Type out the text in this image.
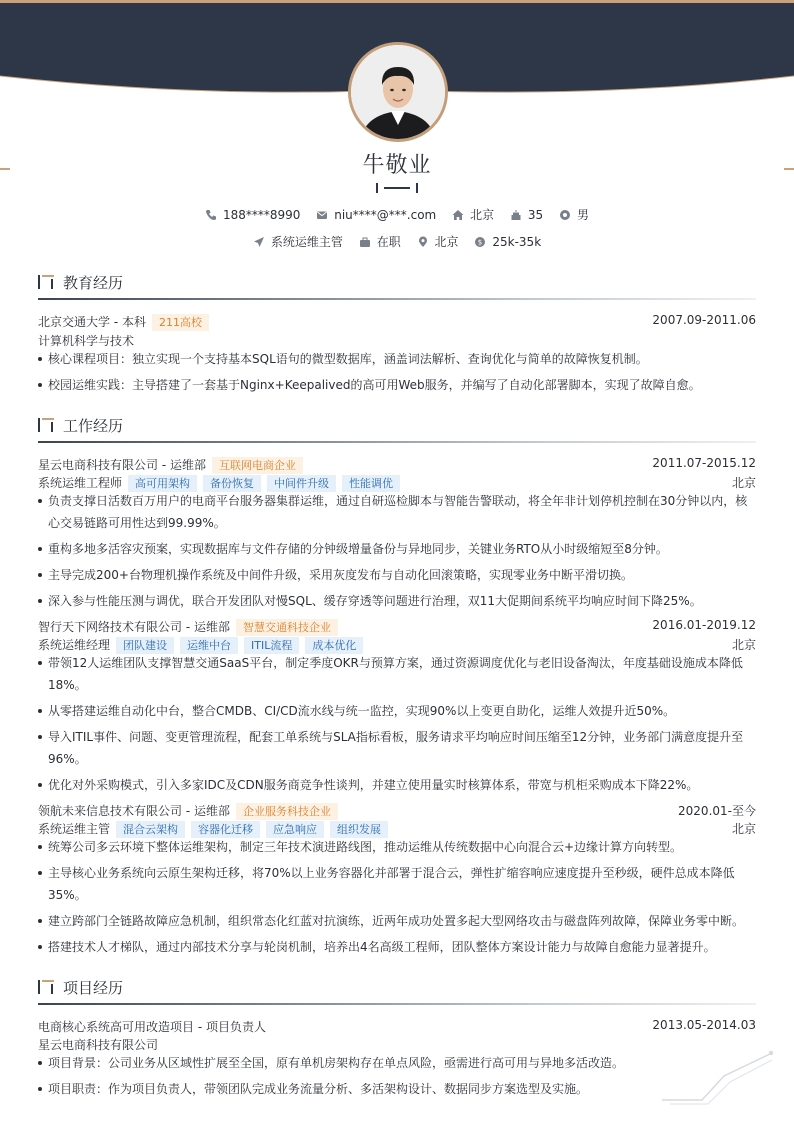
牛敬业
188****8990
	niu****@***.com
	北京
	35
	男
系统运维主管
	在职
	北京
	$ 25k-35k
教育经历
北京交通大学 - 本科 211高校	2007.09-2011.06
计算机科学与技术
核心课程项目：独立实现一个支持基本SQL语句的微型数据库，涵盖词法解析、查询优化与简单的故障恢复机制。
校园运维实践：主导搭建了一套基于Nginx+Keepalived的高可用Web服务，并编写了自动化部署脚本，实现了故障自愈。
工作经历
星云电商科技有限公司 - 运维部 互联网电商企业	2011.07-2015.12
系统运维工程师 高可用架构 备份恢复 中间件升级 性能调优	北京
负责支撑日活数百万用户的电商平台服务器集群运维，通过自研巡检脚本与智能告警联动，将全年非计划停机控制在30分钟以内，核心交易链路可用性达到99.99%。
重构多地多活容灾预案，实现数据库与文件存储的分钟级增量备份与异地同步，关键业务RTO从小时级缩短至8分钟。
主导完成200+台物理机操作系统及中间件升级，采用灰度发布与自动化回滚策略，实现零业务中断平滑切换。
深入参与性能压测与调优，联合开发团队对慢SQL、缓存穿透等问题进行治理，双11大促期间系统平均响应时间下降25%。
智行天下网络技术有限公司 - 运维部 智慧交通科技企业	2016.01-2019.12
系统运维经理 团队建设 运维中台 ITIL流程 成本优化	北京
带领12人运维团队支撑智慧交通SaaS平台，制定季度OKR与预算方案，通过资源调度优化与老旧设备淘汰，年度基础设施成本降低18%。
从零搭建运维自动化中台，整合CMDB、CI/CD流水线与统一监控，实现90%以上变更自助化，运维人效提升近50%。
导入ITIL事件、问题、变更管理流程，配套工单系统与SLA指标看板，服务请求平均响应时间压缩至12分钟，业务部门满意度提升至96%。
优化对外采购模式，引入多家IDC及CDN服务商竞争性谈判，并建立使用量实时核算体系，带宽与机柜采购成本下降22%。
领航未来信息技术有限公司 - 运维部 企业服务科技企业	2020.01-至今
系统运维主管 混合云架构 容器化迁移 应急响应 组织发展	北京
统筹公司多云环境下整体运维架构，制定三年技术演进路线图，推动运维从传统数据中心向混合云+边缘计算方向转型。
主导核心业务系统向云原生架构迁移，将70%以上业务容器化并部署于混合云，弹性扩缩容响应速度提升至秒级，硬件总成本降低35%。
建立跨部门全链路故障应急机制，组织常态化红蓝对抗演练，近两年成功处置多起大型网络攻击与磁盘阵列故障，保障业务零中断。
搭建技术人才梯队，通过内部技术分享与轮岗机制，培养出4名高级工程师，团队整体方案设计能力与故障自愈能力显著提升。
项目经历
电商核心系统高可用改造项目 - 项目负责人	2013.05-2014.03
星云电商科技有限公司
项目背景：公司业务从区域性扩展至全国，原有单机房架构存在单点风险，亟需进行高可用与异地多活改造。
项目职责：作为项目负责人，带领团队完成业务流量分析、多活架构设计、数据同步方案选型及实施。
